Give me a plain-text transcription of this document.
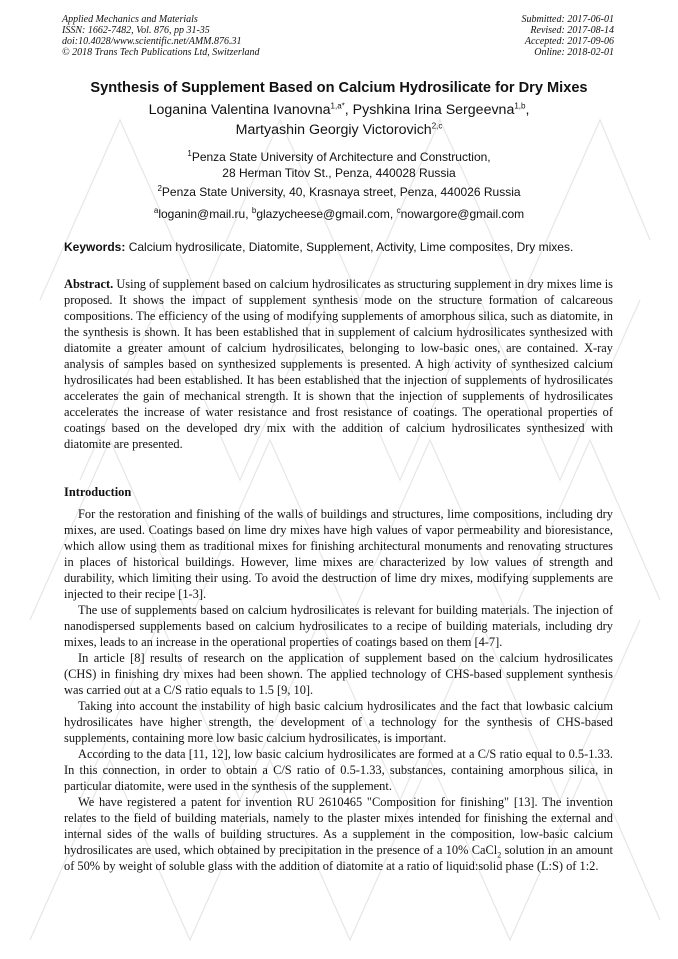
Applied Mechanics and Materials
ISSN: 1662-7482, Vol. 876, pp 31-35
doi:10.4028/www.scientific.net/AMM.876.31
© 2018 Trans Tech Publications Ltd, Switzerland
Submitted: 2017-06-01
Revised: 2017-08-14
Accepted: 2017-09-06
Online: 2018-02-01
Synthesis of Supplement Based on Calcium Hydrosilicate for Dry Mixes
Loganina Valentina Ivanovna$^{1,a*}$, Pyshkina Irina Sergeevna$^{1,b}$,
Martyashin Georgiy Victorovich$^{2,c}$
$^1$Penza State University of Architecture and Construction,
28 Herman Titov St., Penza, 440028 Russia
$^2$Penza State University, 40, Krasnaya street, Penza, 440026 Russia
$^a$loganin@mail.ru, $^b$glazycheese@gmail.com, $^c$nowargore@gmail.com
Keywords: Calcium hydrosilicate, Diatomite, Supplement, Activity, Lime composites, Dry mixes.

Abstract. Using of supplement based on calcium hydrosilicates as structuring supplement in dry mixes lime is proposed. It shows the impact of supplement synthesis mode on the structure formation of calcareous compositions. The efficiency of the using of modifying supplements of amorphous silica, such as diatomite, in the synthesis is shown. It has been established that in supplement of calcium hydrosilicates synthesized with diatomite a greater amount of calcium hydrosilicates, belonging to low-basic ones, are contained. X-ray analysis of samples based on synthesized supplements is presented. A high activity of synthesized calcium hydrosilicates had been established. It has been established that the injection of supplements of hydrosilicates accelerates the gain of mechanical strength. It is shown that the injection of supplements of hydrosilicates accelerates the increase of water resistance and frost resistance of coatings. The operational properties of coatings based on the developed dry mix with the addition of calcium hydrosilicates synthesized with diatomite are presented.

Introduction

For the restoration and finishing of the walls of buildings and structures, lime compositions, including dry mixes, are used. Coatings based on lime dry mixes have high values of vapor permeability and bioresistance, which allow using them as traditional mixes for finishing architectural monuments and renovating structures in places of historical buildings. However, lime mixes are characterized by low values of strength and durability, which limiting their using. To avoid the destruction of lime dry mixes, modifying supplements are injected to their recipe [1-3].

The use of supplements based on calcium hydrosilicates is relevant for building materials. The injection of nanodispersed supplements based on calcium hydrosilicates to a recipe of building materials, including dry mixes, leads to an increase in the operational properties of coatings based on them [4-7].

In article [8] results of research on the application of supplement based on the calcium hydrosilicates (CHS) in finishing dry mixes had been shown. The applied technology of CHS-based supplement synthesis was carried out at a C/S ratio equals to 1.5 [9, 10].

Taking into account the instability of high basic calcium hydrosilicates and the fact that lowbasic calcium hydrosilicates have higher strength, the development of a technology for the synthesis of CHS-based supplements, containing more low basic calcium hydrosilicates, is important.

According to the data [11, 12], low basic calcium hydrosilicates are formed at a C/S ratio equal to 0.5-1.33. In this connection, in order to obtain a C/S ratio of 0.5-1.33, substances, containing amorphous silica, in particular diatomite, were used in the synthesis of the supplement.

We have registered a patent for invention RU 2610465 "Composition for finishing" [13]. The invention relates to the field of building materials, namely to the plaster mixes intended for finishing the external and internal sides of the walls of building structures. As a supplement in the composition, low-basic calcium hydrosilicates are used, which obtained by precipitation in the presence of a 10% CaCl$_2$ solution in an amount of 50% by weight of soluble glass with the addition of diatomite at a ratio of liquid:solid phase (L:S) of 1:2.
